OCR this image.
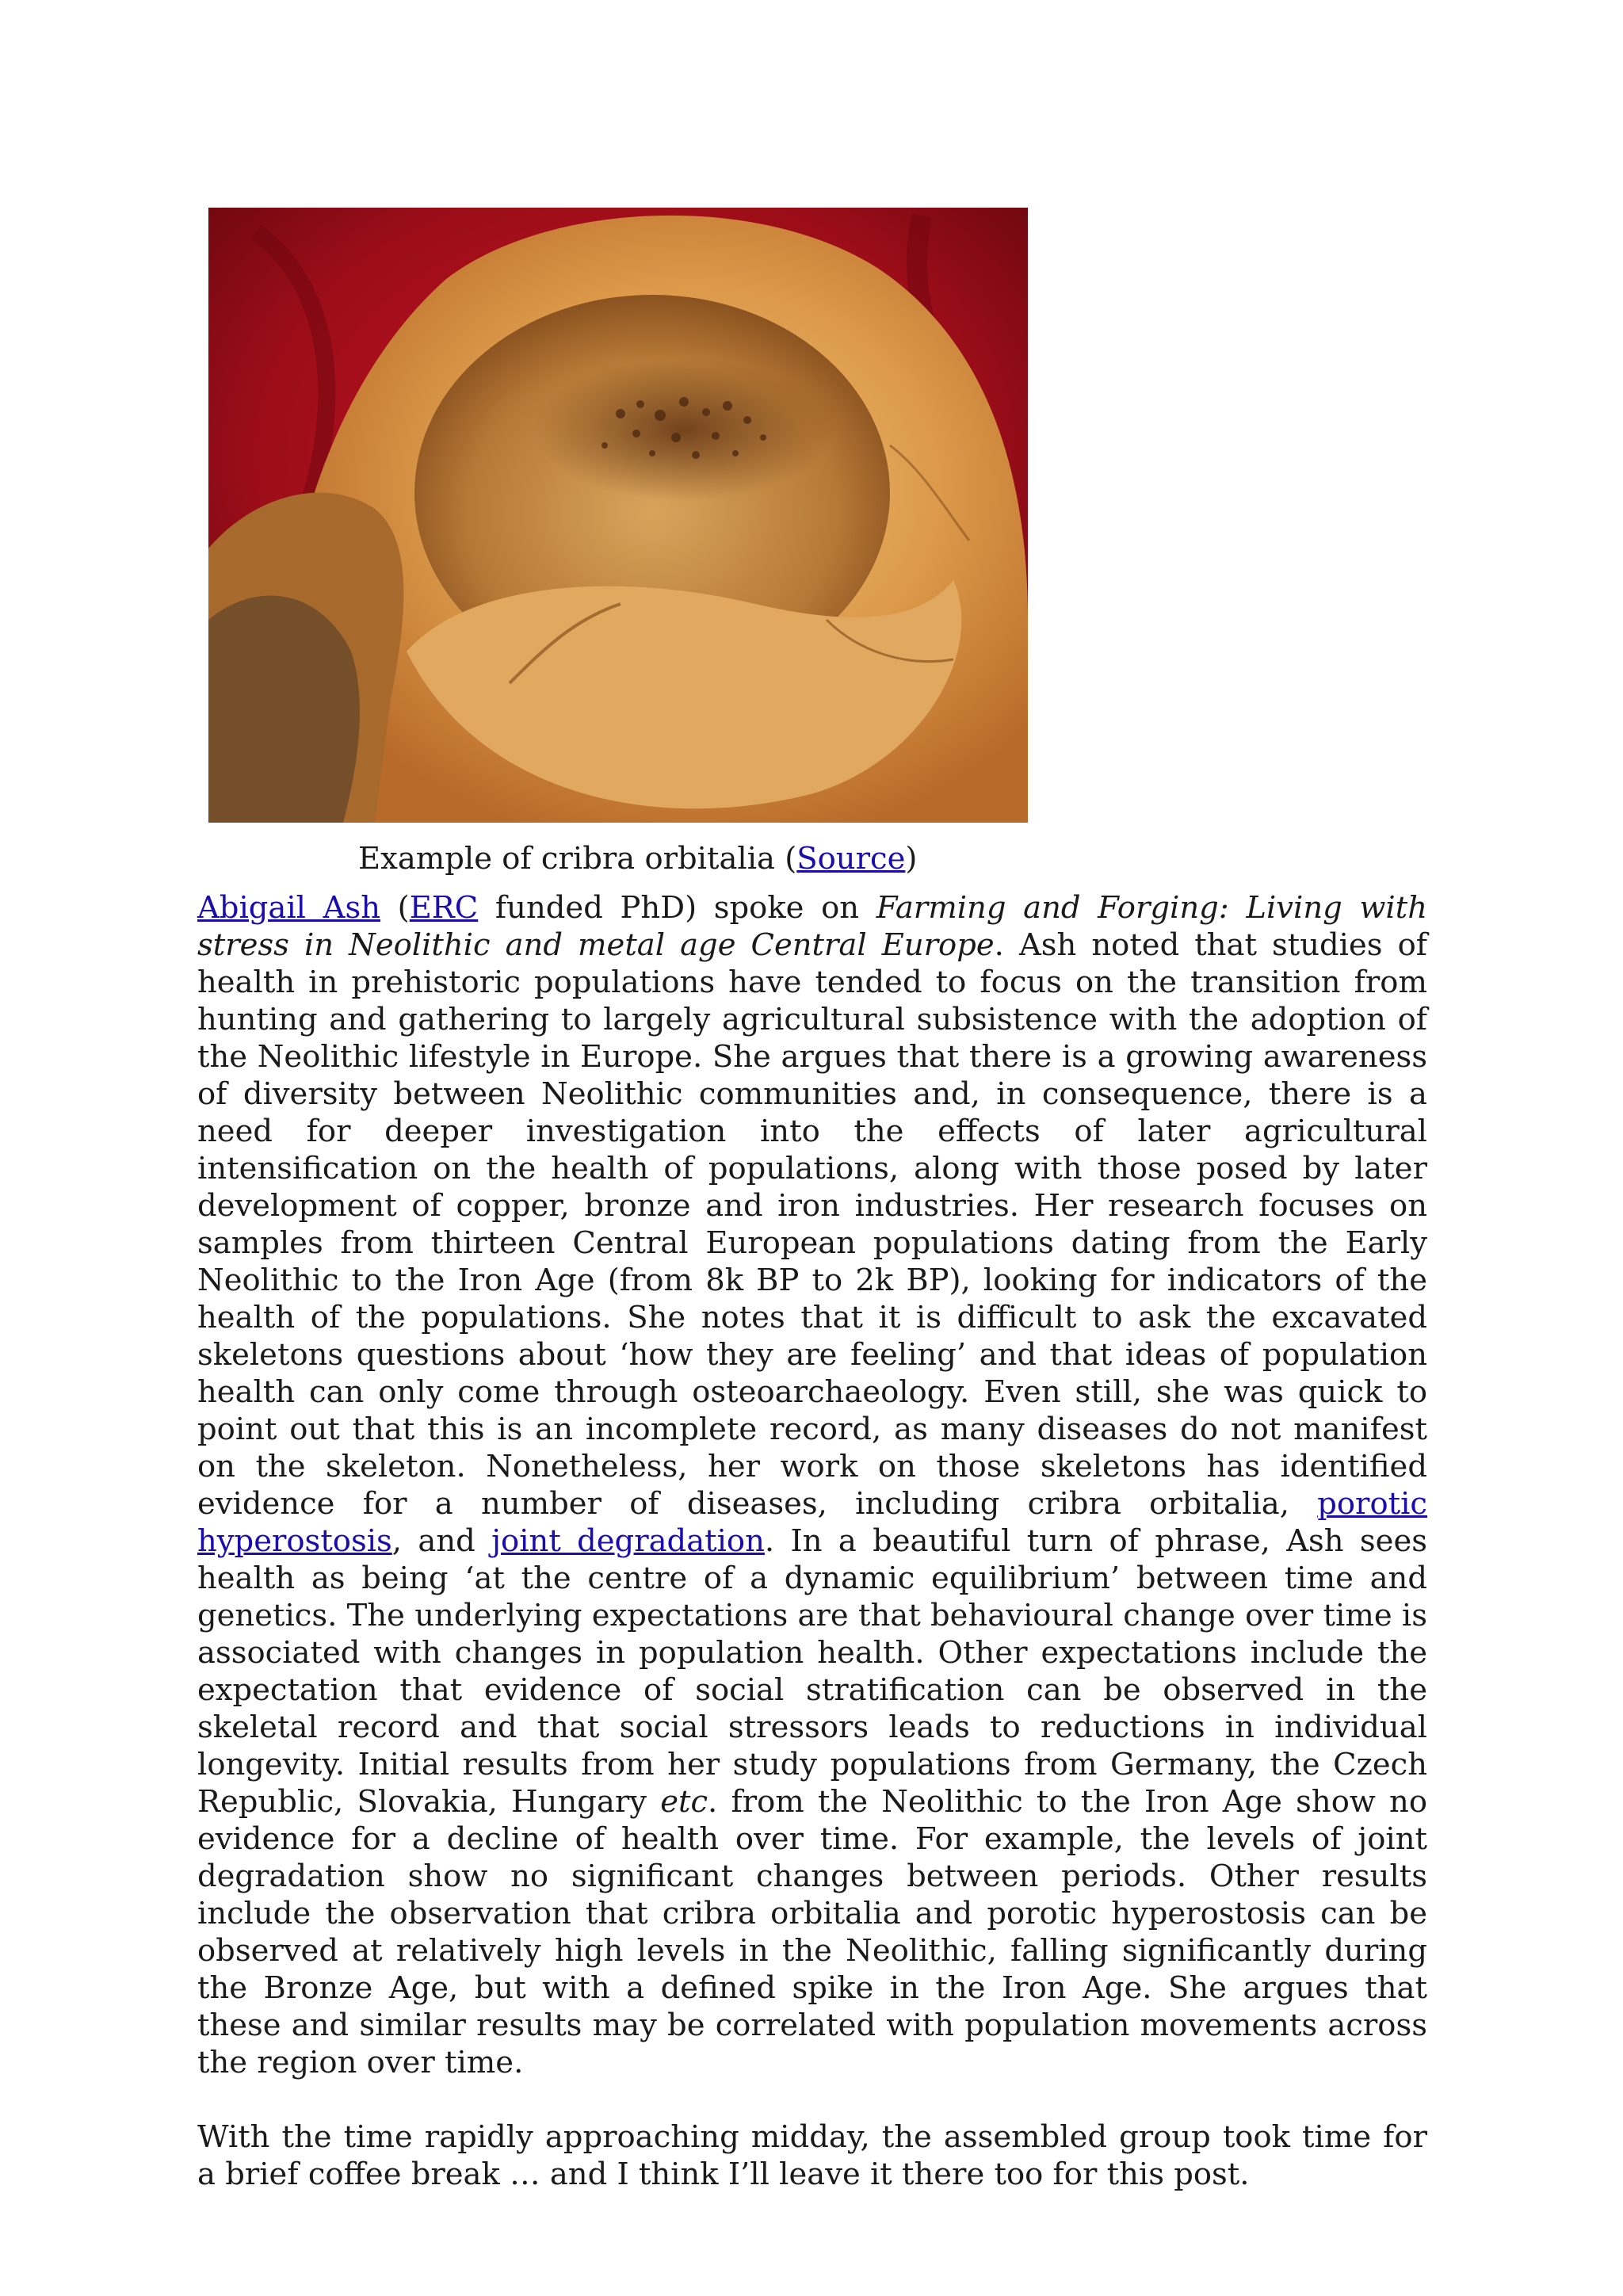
Example of cribra orbitalia (Source)

Abigail Ash (ERC funded PhD) spoke on Farming and Forging: Living with stress in Neolithic and metal age Central Europe. Ash noted that studies of health in prehistoric populations have tended to focus on the transition from hunting and gathering to largely agricultural subsistence with the adoption of the Neolithic lifestyle in Europe. She argues that there is a growing awareness of diversity between Neolithic communities and, in consequence, there is a need for deeper investigation into the effects of later agricultural intensification on the health of populations, along with those posed by later development of copper, bronze and iron industries. Her research focuses on samples from thirteen Central European populations dating from the Early Neolithic to the Iron Age (from 8k BP to 2k BP), looking for indicators of the health of the populations. She notes that it is difficult to ask the excavated skeletons questions about ‘how they are feeling’ and that ideas of population health can only come through osteoarchaeology. Even still, she was quick to point out that this is an incomplete record, as many diseases do not manifest on the skeleton. Nonetheless, her work on those skeletons has identified evidence for a number of diseases, including cribra orbitalia, porotic hyperostosis, and joint degradation. In a beautiful turn of phrase, Ash sees health as being ‘at the centre of a dynamic equilibrium’ between time and genetics. The underlying expectations are that behavioural change over time is associated with changes in population health. Other expectations include the expectation that evidence of social stratification can be observed in the skeletal record and that social stressors leads to reductions in individual longevity. Initial results from her study populations from Germany, the Czech Republic, Slovakia, Hungary etc. from the Neolithic to the Iron Age show no evidence for a decline of health over time. For example, the levels of joint degradation show no significant changes between periods. Other results include the observation that cribra orbitalia and porotic hyperostosis can be observed at relatively high levels in the Neolithic, falling significantly during the Bronze Age, but with a defined spike in the Iron Age. She argues that these and similar results may be correlated with population movements across the region over time.

With the time rapidly approaching midday, the assembled group took time for a brief coffee break … and I think I’ll leave it there too for this post.
